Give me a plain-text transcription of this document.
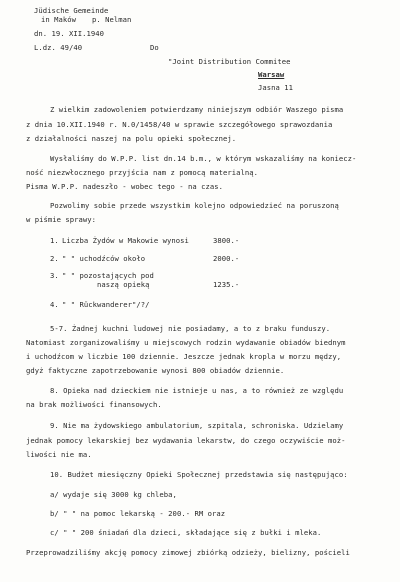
Jüdische Gemeinde
in Maków p. Nelman
dn. 19. XII.1940
L.dz. 49/40	Do
"Joint Distribution Commitee
Warsaw
Jasna 11
Z wielkim zadowoleniem potwierdzamy niniejszym odbiór Waszego pisma
z dnia 10.XII.1940 r. N.0/1458/40 w sprawie szczegółowego sprawozdania
z działalności naszej na polu opieki społecznej.
Wysłaliśmy do W.P.P. list dn.14 b.m., w którym wskazaliśmy na koniecz-
ność niezwłocznego przyjścia nam z pomocą materialną.
Pisma W.P.P. nadeszło - wobec tego - na czas.
Pozwolimy sobie przede wszystkim kolejno odpowiedzieć na poruszoną
w piśmie sprawy:
1. Liczba Żydów w Makowie wynosi	3800.-
2. " " uchodźców około	2000.-
3. " " pozostających pod
naszą opieką	1235.-
4. " " Rückwanderer"/?/
5-7. Żadnej kuchni ludowej nie posiadamy, a to z braku funduszy.
Natomiast zorganizowaliśmy u miejscowych rodzin wydawanie obiadów biednym
i uchodźcom w liczbie 100 dziennie. Jeszcze jednak kropla w morzu mędzy,
gdyż faktyczne zapotrzebowanie wynosi 800 obiadów dziennie.
8. Opieka nad dzieckiem nie istnieje u nas, a to również ze względu
na brak możliwości finansowych.
9. Nie ma żydowskiego ambulatorium, szpitala, schroniska. Udzielamy
jednak pomocy lekarskiej bez wydawania lekarstw, do czego oczywiście moż-
liwości nie ma.
10. Budżet miesięczny Opieki Społecznej przedstawia się następująco:
a/ wydaje się 3000 kg chleba,
b/ " " na pomoc lekarską - 200.- RM oraz
c/ " " 200 śniadań dla dzieci, składające się z bułki i mleka.
Przeprowadziliśmy akcję pomocy zimowej zbiórką odzieży, bielizny, pościeli
